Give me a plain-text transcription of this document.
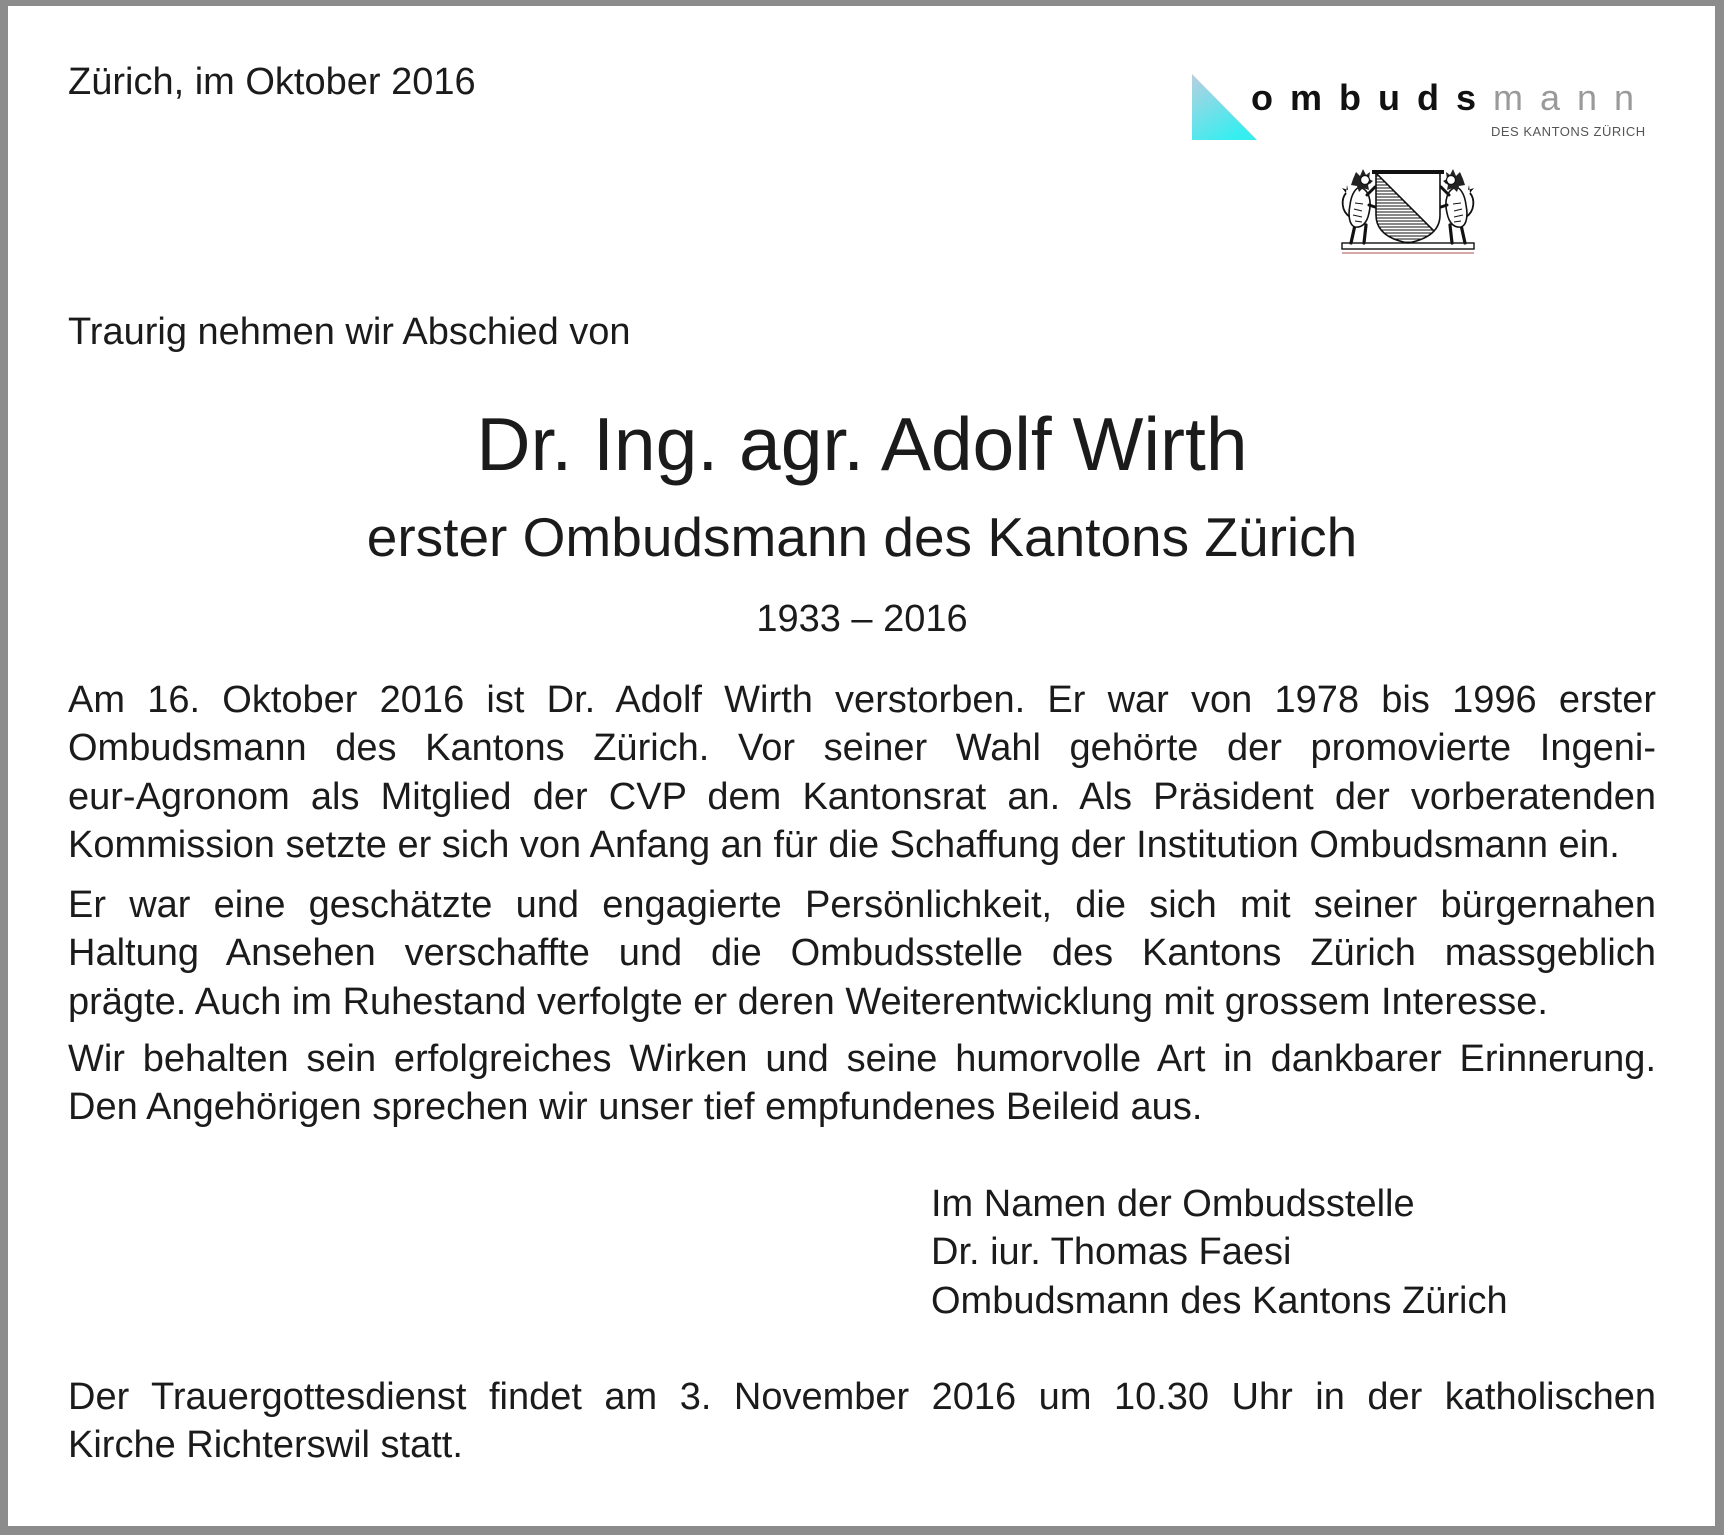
Zürich, im Oktober 2016	ombudsmann
DES KANTONS ZÜRICH
Traurig nehmen wir Abschied von
Dr. Ing. agr. Adolf Wirth
erster Ombudsmann des Kantons Zürich
1933 – 2016
Am 16. Oktober 2016 ist Dr. Adolf Wirth verstorben. Er war von 1978 bis 1996 erster
Ombudsmann des Kantons Zürich. Vor seiner Wahl gehörte der promovierte Ingeni-
eur-Agronom als Mitglied der CVP dem Kantonsrat an. Als Präsident der vorberatenden
Kommission setzte er sich von Anfang an für die Schaffung der Institution Ombudsmann ein.
Er war eine geschätzte und engagierte Persönlichkeit, die sich mit seiner bürgernahen
Haltung Ansehen verschaffte und die Ombudsstelle des Kantons Zürich massgeblich
prägte. Auch im Ruhestand verfolgte er deren Weiterentwicklung mit grossem Interesse.
Wir behalten sein erfolgreiches Wirken und seine humorvolle Art in dankbarer Erinnerung.
Den Angehörigen sprechen wir unser tief empfundenes Beileid aus.
Im Namen der Ombudsstelle
Dr. iur. Thomas Faesi
Ombudsmann des Kantons Zürich
Der Trauergottesdienst findet am 3. November 2016 um 10.30 Uhr in der katholischen
Kirche Richterswil statt.
